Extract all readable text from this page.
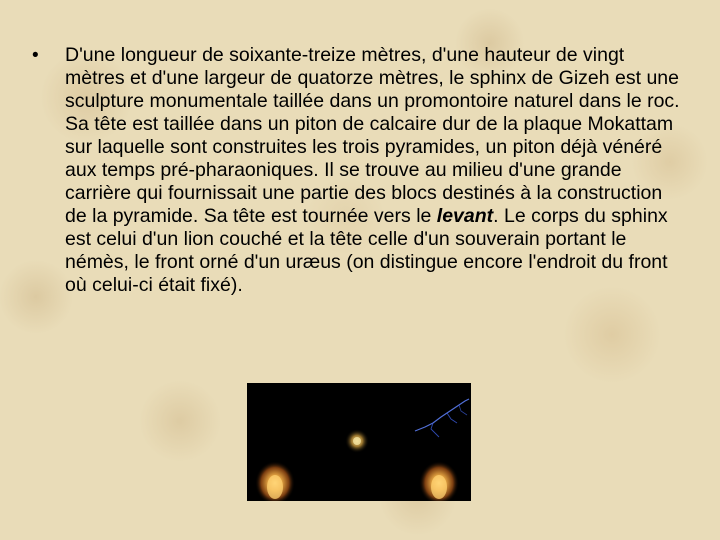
•	D'une longueur de soixante-treize mètres, d'une hauteur de vingt mètres et d'une largeur de quatorze mètres, le sphinx de Gizeh est une sculpture monumentale taillée dans un promontoire naturel dans le roc. Sa tête est taillée dans un piton de calcaire dur de la plaque Mokattam sur laquelle sont construites les trois pyramides, un piton déjà vénéré aux temps pré-pharaoniques. Il se trouve au milieu d'une grande carrière qui fournissait une partie des blocs destinés à la construction de la pyramide. Sa tête est tournée vers le levant. Le corps du sphinx est celui d'un lion couché et la tête celle d'un souverain portant le némès, le front orné d'un uræus (on distingue encore l'endroit du front où celui-ci était fixé).
